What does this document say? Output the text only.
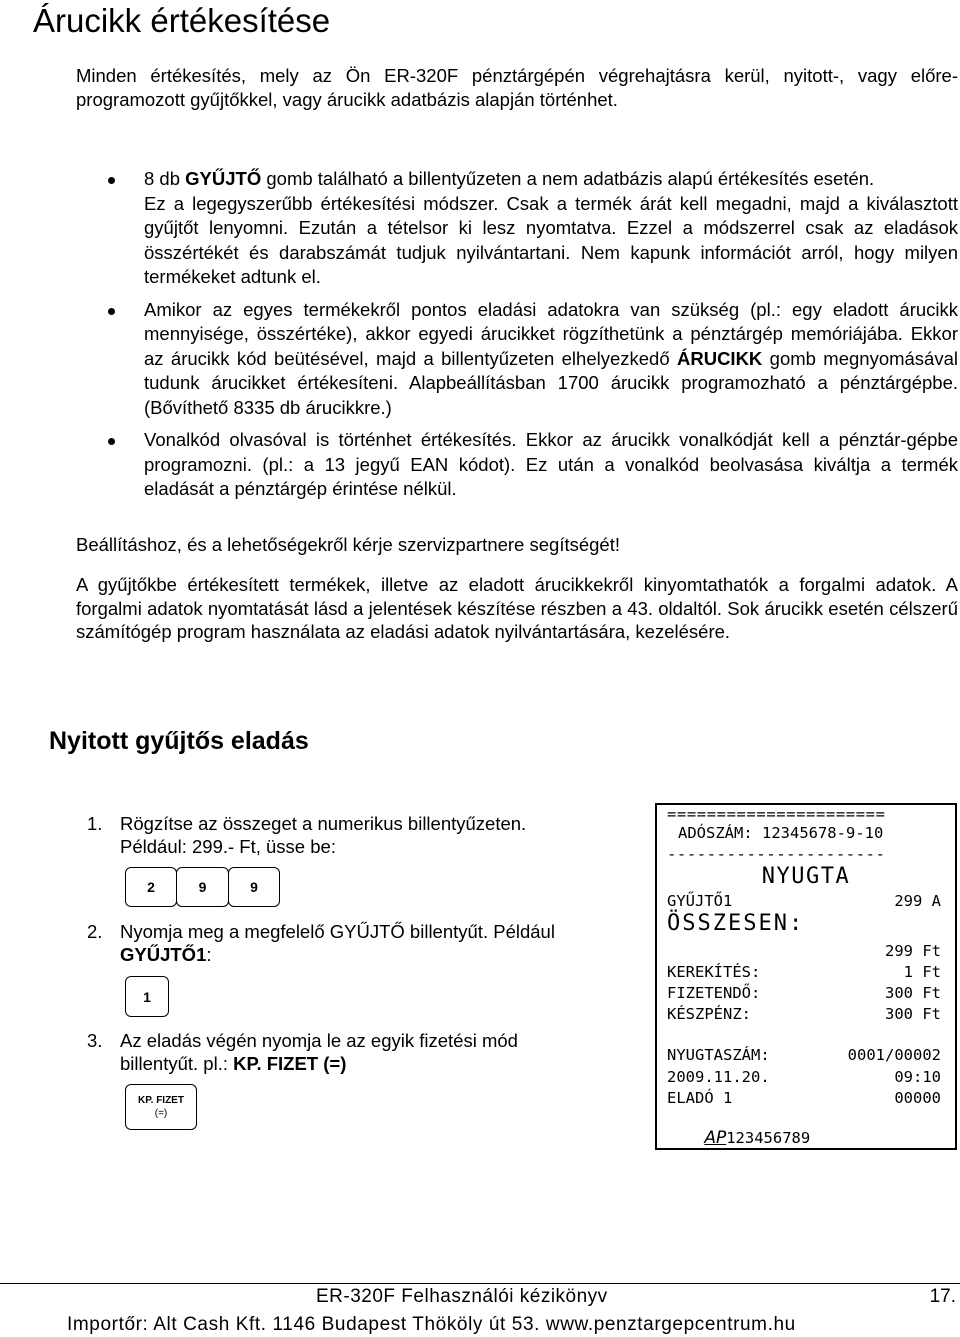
Árucikk értékesítése

Minden értékesítés, mely az Ön ER-320F pénztárgépén végrehajtásra kerül, nyitott-, vagy előre-programozott gyűjtőkkel, vagy árucikk adatbázis alapján történhet.

8 db GYŰJTŐ gomb található a billentyűzeten a nem adatbázis alapú értékesítés esetén.
Ez a legegyszerűbb értékesítési módszer. Csak a termék árát kell megadni, majd a kiválasztott gyűjtőt lenyomni. Ezután a tételsor ki lesz nyomtatva. Ezzel a módszerrel csak az eladások összértékét és darabszámát tudjuk nyilvántartani. Nem kapunk információt arról, hogy milyen termékeket adtunk el.
Amikor az egyes termékekről pontos eladási adatokra van szükség (pl.: egy eladott árucikk mennyisége, összértéke), akkor egyedi árucikket rögzíthetünk a pénztárgép memóriájába. Ekkor az árucikk kód beütésével, majd a billentyűzeten elhelyezkedő ÁRUCIKK gomb megnyomásával tudunk árucikket értékesíteni. Alapbeállításban 1700 árucikk programozható a pénztárgépbe. (Bővíthető 8335 db árucikkre.)
Vonalkód olvasóval is történhet értékesítés. Ekkor az árucikk vonalkódját kell a pénztár-gépbe programozni. (pl.: a 13 jegyű EAN kódot). Ez után a vonalkód beolvasása kiváltja a termék eladását a pénztárgép érintése nélkül.

Beállításhoz, és a lehetőségekről kérje szervizpartnere segítségét!

A gyűjtőkbe értékesített termékek, illetve az eladott árucikkekről kinyomtathatók a forgalmi adatok. A forgalmi adatok nyomtatását lásd a jelentések készítése részben a 43. oldaltól. Sok árucikk esetén célszerű számítógép program használata az eladási adatok nyilvántartására, kezelésére.

Nyitott gyűjtős eladás
1. Rögzítse az összeget a numerikus billentyűzeten.
Például: 299.- Ft, üsse be:
2	9	9
2. Nyomja meg a megfelelő GYŰJTŐ billentyűt. Például
GYŰJTŐ1:
1
3. Az eladás végén nyomja le az egyik fizetési mód
billentyűt. pl.: KP. FIZET (=)
KP. FIZET
(=)
======================
ADÓSZÁM: 12345678-9-10
----------------------
NYUGTA
GYŰJTŐ1	299 A
ÖSSZESEN:
299 Ft
KEREKÍTÉS:	1 Ft
FIZETENDŐ:	300 Ft
KÉSZPÉNZ:	300 Ft
NYUGTASZÁM:	0001/00002
2009.11.20.	09:10
ELADÓ 1	00000

AP123456789

ER-320F Felhasználói kézikönyv	17.
Importőr: Alt Cash Kft. 1146 Budapest Thököly út 53. www.penztargepcentrum.hu
